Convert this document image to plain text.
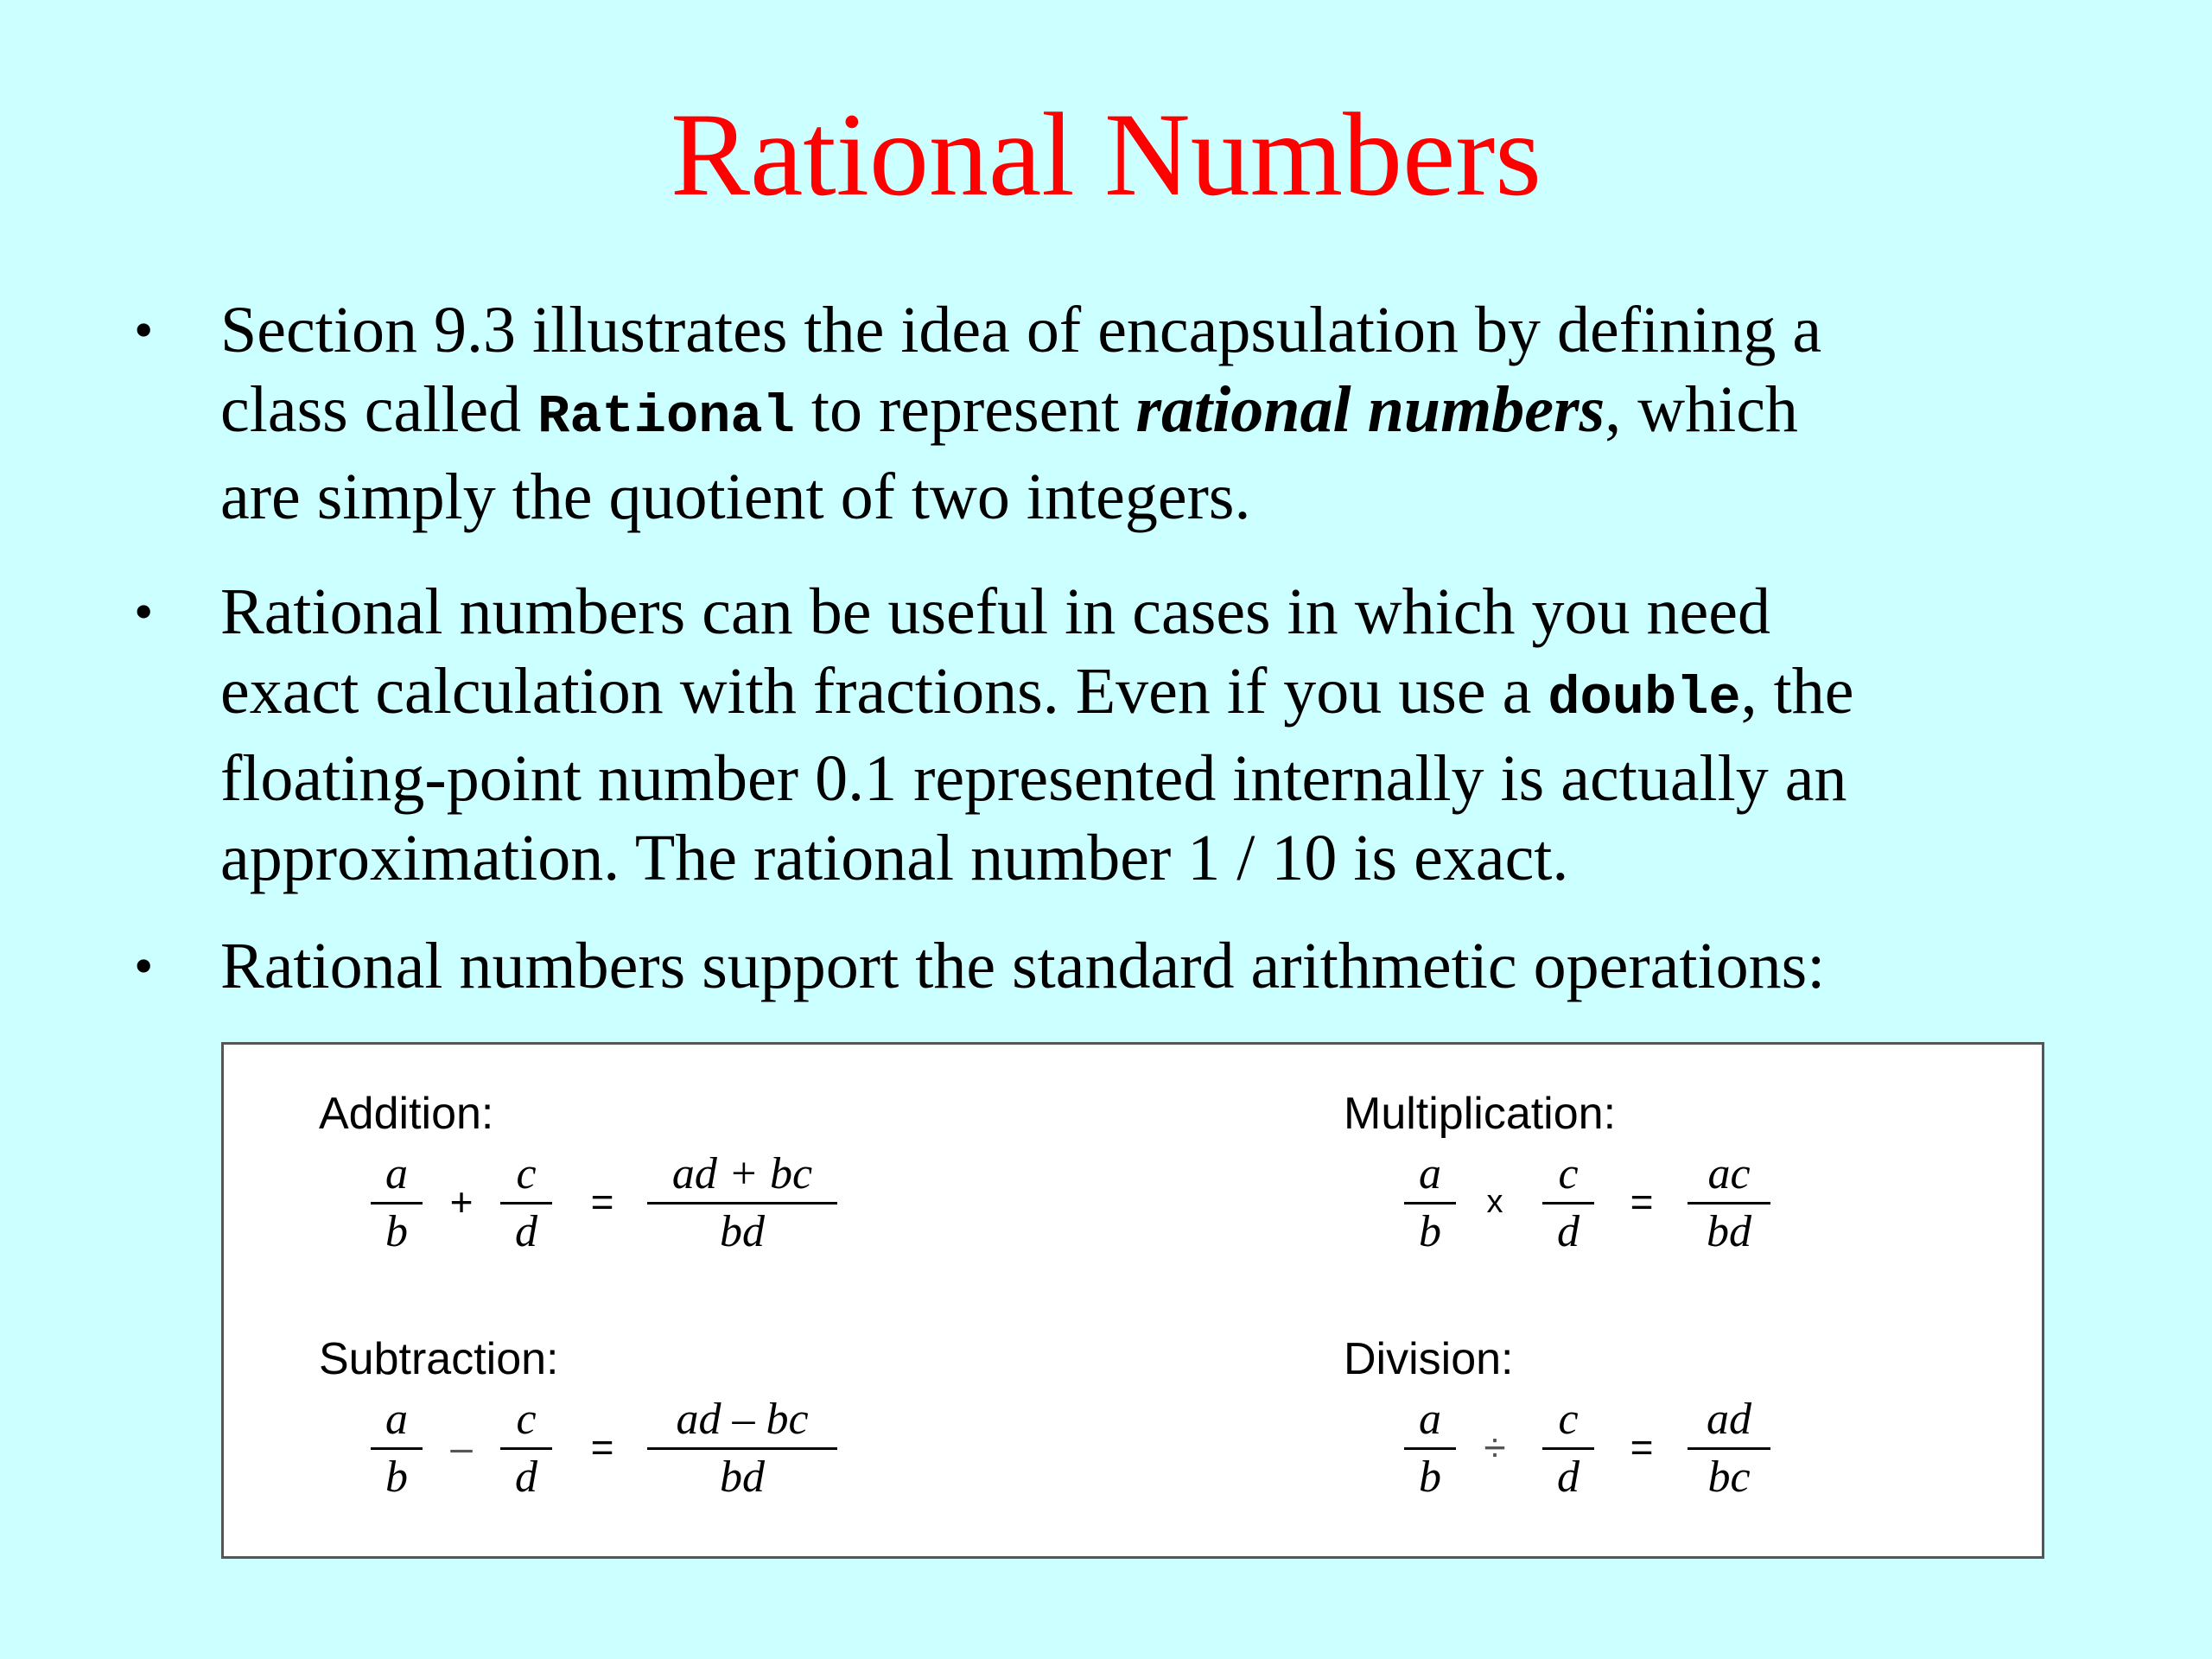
Rational Numbers
• Section 9.3 illustrates the idea of encapsulation by defining a

class called Rational to represent rational numbers, which

are simply the quotient of two integers.

• Rational numbers can be useful in cases in which you need

exact calculation with fractions. Even if you use a double, the

floating-point number 0.1 represented internally is actually an

approximation. The rational number 1 / 10 is exact.

• Rational numbers support the standard arithmetic operations:

Addition:
$\frac{a}{b} + \frac{c}{d} = \frac{ad + bc}{bd}$
Multiplication:
$\frac{a}{b}$ x $\frac{c}{d} = \frac{ac}{bd}$
Subtraction:
$\frac{a}{b} - \frac{c}{d} = \frac{ad - bc}{bd}$
Division:
$\frac{a}{b} \div \frac{c}{d} = \frac{ad}{bc}$
